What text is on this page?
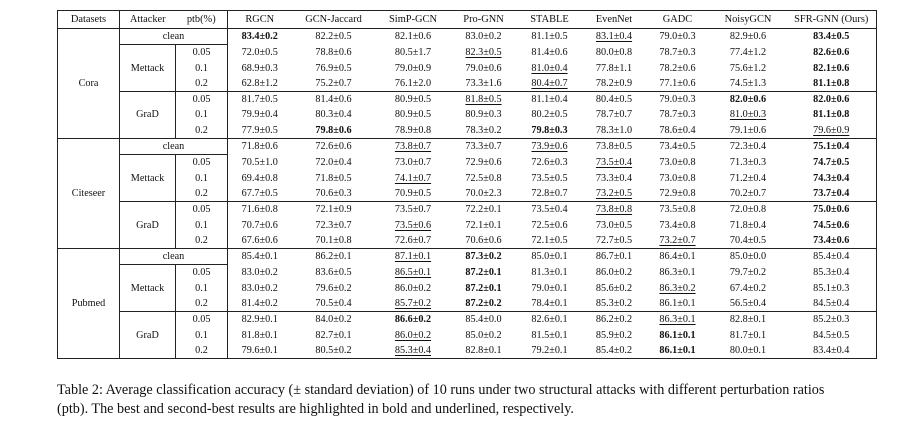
Datasets	Attacker	ptb(%)	RGCN	GCN-Jaccard	SimP-GCN	Pro-GNN	STABLE	EvenNet	GADC	NoisyGCN	SFR-GNN (Ours)
Cora	clean		83.4±0.2	82.2±0.5	82.1±0.6	83.0±0.2	81.1±0.5	83.1±0.4	79.0±0.3	82.9±0.6	83.4±0.5
	Mettack	0.05	72.0±0.5	78.8±0.6	80.5±1.7	82.3±0.5	81.4±0.6	80.0±0.8	78.7±0.3	77.4±1.2	82.6±0.6
		0.1	68.9±0.3	76.9±0.5	79.0±0.9	79.0±0.6	81.0±0.4	77.8±1.1	78.2±0.6	75.6±1.2	82.1±0.6
		0.2	62.8±1.2	75.2±0.7	76.1±2.0	73.3±1.6	80.4±0.7	78.2±0.9	77.1±0.6	74.5±1.3	81.1±0.8
	GraD	0.05	81.7±0.5	81.4±0.6	80.9±0.5	81.8±0.5	81.1±0.4	80.4±0.5	79.0±0.3	82.0±0.6	82.0±0.6
		0.1	79.9±0.4	80.3±0.4	80.9±0.5	80.9±0.3	80.2±0.5	78.7±0.7	78.7±0.3	81.0±0.3	81.1±0.8
		0.2	77.9±0.5	79.8±0.6	78.9±0.8	78.3±0.2	79.8±0.3	78.3±1.0	78.6±0.4	79.1±0.6	79.6±0.9
Citeseer	clean		71.8±0.6	72.6±0.6	73.8±0.7	73.3±0.7	73.9±0.6	73.8±0.5	73.4±0.5	72.3±0.4	75.1±0.4
	Mettack	0.05	70.5±1.0	72.0±0.4	73.0±0.7	72.9±0.6	72.6±0.3	73.5±0.4	73.0±0.8	71.3±0.3	74.7±0.5
		0.1	69.4±0.8	71.8±0.5	74.1±0.7	72.5±0.8	73.5±0.5	73.3±0.4	73.0±0.8	71.2±0.4	74.3±0.4
		0.2	67.7±0.5	70.6±0.3	70.9±0.5	70.0±2.3	72.8±0.7	73.2±0.5	72.9±0.8	70.2±0.7	73.7±0.4
	GraD	0.05	71.6±0.8	72.1±0.9	73.5±0.7	72.2±0.1	73.5±0.4	73.8±0.8	73.5±0.8	72.0±0.8	75.0±0.6
		0.1	70.7±0.6	72.3±0.7	73.5±0.6	72.1±0.1	72.5±0.6	73.0±0.5	73.4±0.8	71.8±0.4	74.5±0.6
		0.2	67.6±0.6	70.1±0.8	72.6±0.7	70.6±0.6	72.1±0.5	72.7±0.5	73.2±0.7	70.4±0.5	73.4±0.6
Pubmed	clean		85.4±0.1	86.2±0.1	87.1±0.1	87.3±0.2	85.0±0.1	86.7±0.1	86.4±0.1	85.0±0.0	85.4±0.4
	Mettack	0.05	83.0±0.2	83.6±0.5	86.5±0.1	87.2±0.1	81.3±0.1	86.0±0.2	86.3±0.1	79.7±0.2	85.3±0.4
		0.1	83.0±0.2	79.6±0.2	86.0±0.2	87.2±0.1	79.0±0.1	85.6±0.2	86.3±0.2	67.4±0.2	85.1±0.3
		0.2	81.4±0.2	70.5±0.4	85.7±0.2	87.2±0.2	78.4±0.1	85.3±0.2	86.1±0.1	56.5±0.4	84.5±0.4
	GraD	0.05	82.9±0.1	84.0±0.2	86.6±0.2	85.4±0.0	82.6±0.1	86.2±0.2	86.3±0.1	82.8±0.1	85.2±0.3
		0.1	81.8±0.1	82.7±0.1	86.0±0.2	85.0±0.2	81.5±0.1	85.9±0.2	86.1±0.1	81.7±0.1	84.5±0.5
		0.2	79.6±0.1	80.5±0.2	85.3±0.4	82.8±0.1	79.2±0.1	85.4±0.2	86.1±0.1	80.0±0.1	83.4±0.4
Table 2: Average classification accuracy (± standard deviation) of 10 runs under two structural attacks with different perturbation ratios (ptb). The best and second-best results are highlighted in bold and underlined, respectively.
